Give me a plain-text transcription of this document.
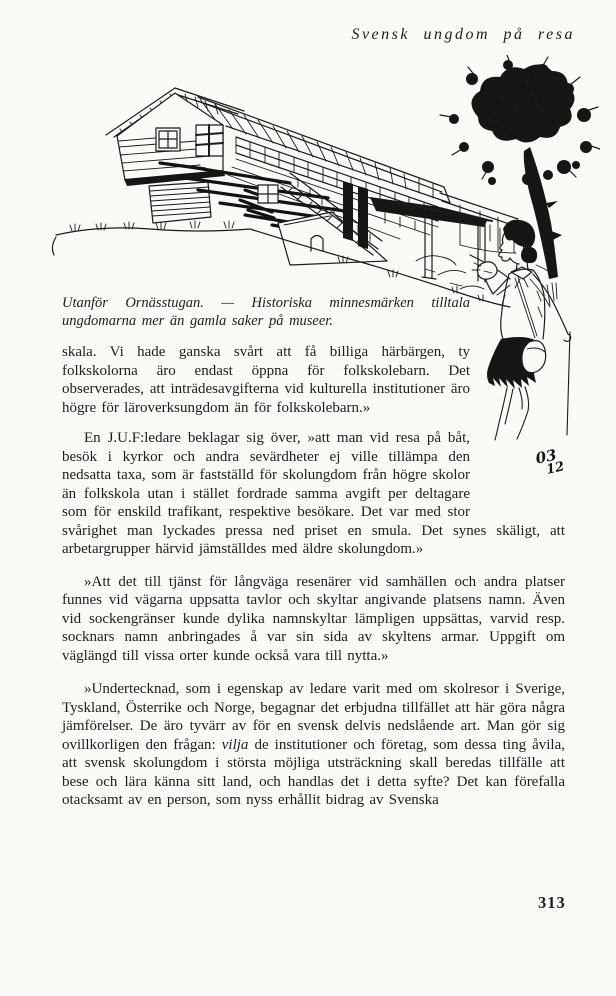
Svensk ungdom på resa
Utanför Ornässtugan. — Historiska minnesmärken tilltala ungdomarna mer än gamla saker på museer.

skala. Vi hade ganska svårt att få billiga härbärgen, ty folkskolorna äro endast öppna för folkskolebarn. Det observerades, att inträdesavgifterna vid kulturella institutioner äro högre för läroverksungdom än för folkskolebarn.»

En J.U.F:ledare beklagar sig över, »att man vid resa på båt, besök i kyrkor och andra sevärdheter ej ville tillämpa den nedsatta taxa, som är fastställd för skolungdom från högre skolor än folkskola utan i stället fordrade samma avgift per deltagare som för enskild trafikant, respektive besökare. Det var med stor svårighet man lyckades pressa ned priset en smula. Det synes skäligt, att arbetargrupper härvid jämställdes med äldre skolungdom.»

»Att det till tjänst för långväga resenärer vid samhällen och andra platser funnes vid vägarna uppsatta tavlor och skyltar angivande platsens namn. Även vid sockengränser kunde dylika namnskyltar lämpligen uppsättas, varvid resp. socknars namn anbringades å var sin sida av skyltens armar. Uppgift om väglängd till vissa orter kunde också vara till nytta.»

»Undertecknad, som i egenskap av ledare varit med om skolresor i Sverige, Tyskland, Österrike och Norge, begagnar det erbjudna tillfället att här göra några jämförelser. De äro tyvärr av för en svensk delvis nedslående art. Man gör sig ovillkorligen den frågan: vilja de institutioner och företag, som dessa ting åvila, att svensk skolungdom i största möjliga utsträckning skall beredas tillfälle att bese och lära känna sitt land, och handlas det i detta syfte? Det kan förefalla otacksamt av en person, som nyss erhållit bidrag av Svenska

03
12
313
